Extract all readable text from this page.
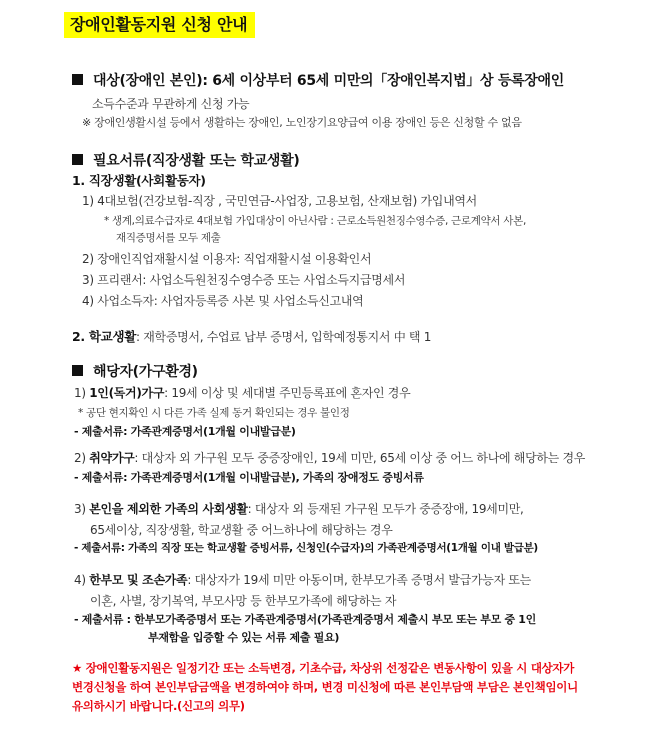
장애인활동지원 신청 안내
대상(장애인 본인): 6세 이상부터 65세 미만의「장애인복지법」상 등록장애인
소득수준과 무관하게 신청 가능
※ 장애인생활시설 등에서 생활하는 장애인, 노인장기요양급여 이용 장애인 등은 신청할 수 없음
필요서류(직장생활 또는 학교생활)
1. 직장생활(사회활동자)
1) 4대보험(건강보험-직장 , 국민연금-사업장, 고용보험, 산재보험) 가입내역서
* 생계,의료수급자로 4대보험 가입대상이 아닌사람 : 근로소득원천징수영수증, 근로계약서 사본,
재직증명서를 모두 제출
2) 장애인직업재활시설 이용자: 직업재활시설 이용확인서
3) 프리랜서: 사업소득원천징수영수증 또는 사업소득지급명세서
4) 사업소득자: 사업자등록증 사본 및 사업소득신고내역
2. 학교생활: 재학증명서, 수업료 납부 증명서, 입학예정통지서 中 택 1
해당자(가구환경)
1) 1인(독거)가구: 19세 이상 및 세대별 주민등록표에 혼자인 경우
* 공단 현지확인 시 다른 가족 실제 동거 확인되는 경우 불인정
- 제출서류: 가족관계증명서(1개월 이내발급분)
2) 취약가구: 대상자 외 가구원 모두 중증장애인, 19세 미만, 65세 이상 중 어느 하나에 해당하는 경우
- 제출서류: 가족관계증명서(1개월 이내발급분), 가족의 장애정도 증빙서류
3) 본인을 제외한 가족의 사회생활: 대상자 외 등재된 가구원 모두가 중증장애, 19세미만,
65세이상, 직장생활, 학교생활 중 어느하나에 해당하는 경우
- 제출서류: 가족의 직장 또는 학교생활 증빙서류, 신청인(수급자)의 가족관계증명서(1개월 이내 발급분)
4) 한부모 및 조손가족: 대상자가 19세 미만 아동이며, 한부모가족 증명서 발급가능자 또는
이혼, 사별, 장기복역, 부모사망 등 한부모가족에 해당하는 자
- 제출서류 : 한부모가족증명서 또는 가족관계증명서(가족관계증명서 제출시 부모 또는 부모 중 1인
부재함을 입증할 수 있는 서류 제출 필요)
★ 장애인활동지원은 일정기간 또는 소득변경, 기초수급, 차상위 선정같은 변동사항이 있을 시 대상자가
변경신청을 하여 본인부담금액을 변경하여야 하며, 변경 미신청에 따른 본인부담액 부담은 본인책임이니
유의하시기 바랍니다.(신고의 의무)
